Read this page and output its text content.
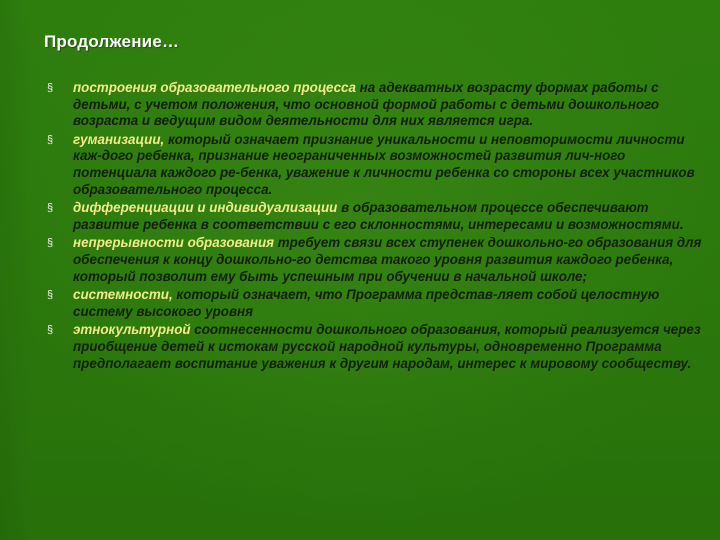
Продолжение…
§ построения образовательного процесса на адекватных возрасту формах работы с детьми, с учетом положения, что основной формой работы с детьми дошкольного возраста и ведущим видом деятельности для них является игра.
§ гуманизации, который означает признание уникальности и неповторимости личности каж-дого ребенка, признание неограниченных возможностей развития лич-ного потенциала каждого ре-бенка, уважение к личности ребенка со стороны всех участников образовательного процесса.
§ дифференциации и индивидуализации в образовательном процессе обеспечивают развитие ребенка в соответствии с его склонностями, интересами и возможностями.
§ непрерывности образования требует связи всех ступенек дошкольно-го образования для обеспечения к концу дошкольно-го детства такого уровня развития каждого ребенка, который позволит ему быть успешным при обучении в начальной школе;
§ системности, который означает, что Программа представ-ляет собой целостную систему высокого уровня
§ этнокультурной соотнесенности дошкольного образования, который реализуется через приобщение детей к истокам русской народной культуры, одновременно Программа предполагает воспитание уважения к другим народам, интерес к мировому сообществу.
